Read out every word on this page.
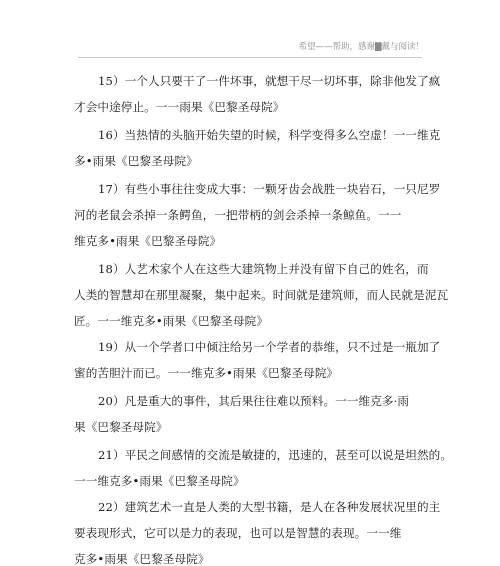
希望——帮助，感谢▇戴与阅读！
15）一个人只要干了一件坏事，就想干尽一切坏事，除非他发了疯
才会中途停止。一一雨果《巴黎圣母院》
16）当热情的头脑开始失望的时候，科学变得多么空虚！一一维克
多•雨果《巴黎圣母院》
17）有些小事往往变成大事：一颗牙齿会战胜一块岩石，一只尼罗
河的老鼠会杀掉一条鳄鱼，一把带柄的剑会杀掉一条鲸鱼。一一
维克多•雨果《巴黎圣母院》
18）人艺术家个人在这些大建筑物上并没有留下自己的姓名，而
人类的智慧却在那里凝聚，集中起来。时间就是建筑师，而人民就是泥瓦
匠。一一维克多•雨果《巴黎圣母院》
19）从一个学者口中倾注给另一个学者的恭维，只不过是一瓶加了
蜜的苦胆汁而已。一一维克多•雨果《巴黎圣母院》
20）凡是重大的事件，其后果往往难以预料。一一维克多·雨
果《巴黎圣母院》
21）平民之间感情的交流是敏捷的，迅速的，甚至可以说是坦然的。
一一维克多•雨果《巴黎圣母院》
22）建筑艺术一直是人类的大型书籍，是人在各种发展状况里的主
要表现形式，它可以是力的表现，也可以是智慧的表现。一一维
克多•雨果《巴黎圣母院》
